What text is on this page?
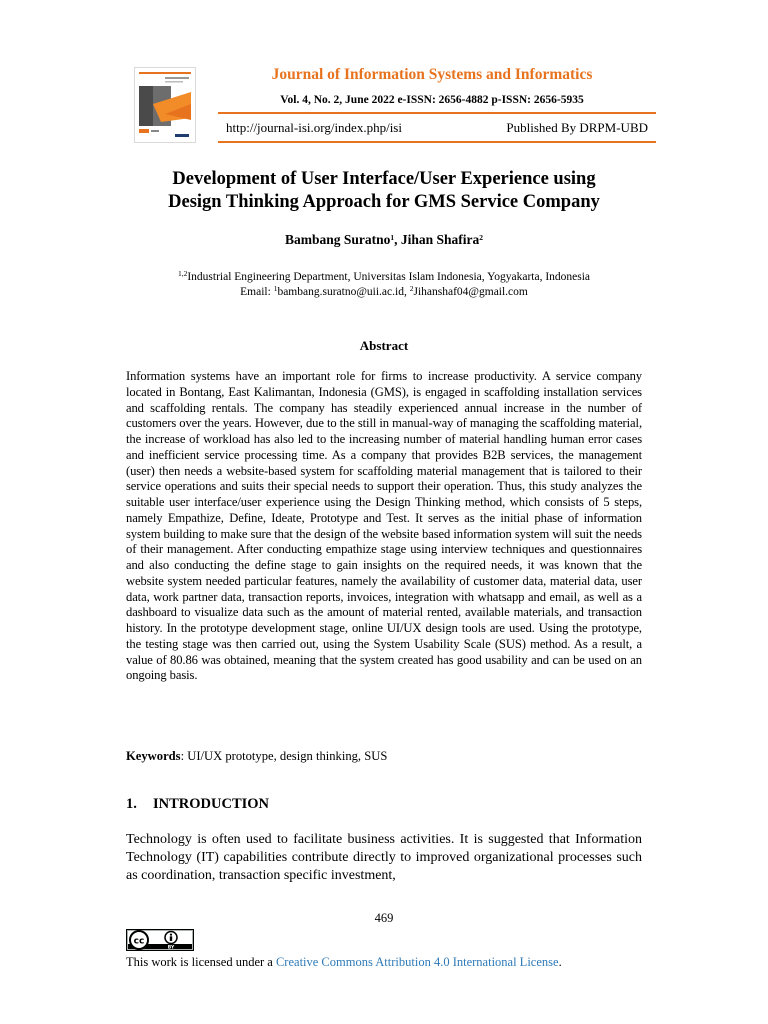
Journal of Information Systems and Informatics
Vol. 4, No. 2, June 2022 e-ISSN: 2656-4882 p-ISSN: 2656-5935
http://journal-isi.org/index.php/isi	Published By DRPM-UBD
Development of User Interface/User Experience using
Design Thinking Approach for GMS Service Company
Bambang Suratno$^1$, Jihan Shafira$^2$
$^{1,2}$Industrial Engineering Department, Universitas Islam Indonesia, Yogyakarta, Indonesia
Email: $^1$bambang.suratno@uii.ac.id, $^2$Jihanshaf04@gmail.com
Abstract
Information systems have an important role for firms to increase productivity. A service company located in Bontang, East Kalimantan, Indonesia (GMS), is engaged in scaffolding installation services and scaffolding rentals. The company has steadily experienced annual increase in the number of customers over the years. However, due to the still in manual-way of managing the scaffolding material, the increase of workload has also led to the increasing number of material handling human error cases and inefficient service processing time. As a company that provides B2B services, the management (user) then needs a website-based system for scaffolding material management that is tailored to their service operations and suits their special needs to support their operation. Thus, this study analyzes the suitable user interface/user experience using the Design Thinking method, which consists of 5 steps, namely Empathize, Define, Ideate, Prototype and Test. It serves as the initial phase of information system building to make sure that the design of the website based information system will suit the needs of their management. After conducting empathize stage using interview techniques and questionnaires and also conducting the define stage to gain insights on the required needs, it was known that the website system needed particular features, namely the availability of customer data, material data, user data, work partner data, transaction reports, invoices, integration with whatsapp and email, as well as a dashboard to visualize data such as the amount of material rented, available materials, and transaction history. In the prototype development stage, online UI/UX design tools are used. Using the prototype, the testing stage was then carried out, using the System Usability Scale (SUS) method. As a result, a value of 80.86 was obtained, meaning that the system created has good usability and can be used on an ongoing basis.
Keywords: UI/UX prototype, design thinking, SUS
1. INTRODUCTION
Technology is often used to facilitate business activities. It is suggested that Information Technology (IT) capabilities contribute directly to improved organizational processes such as coordination, transaction specific investment,
469
cc
BY
This work is licensed under a Creative Commons Attribution 4.0 International License.
